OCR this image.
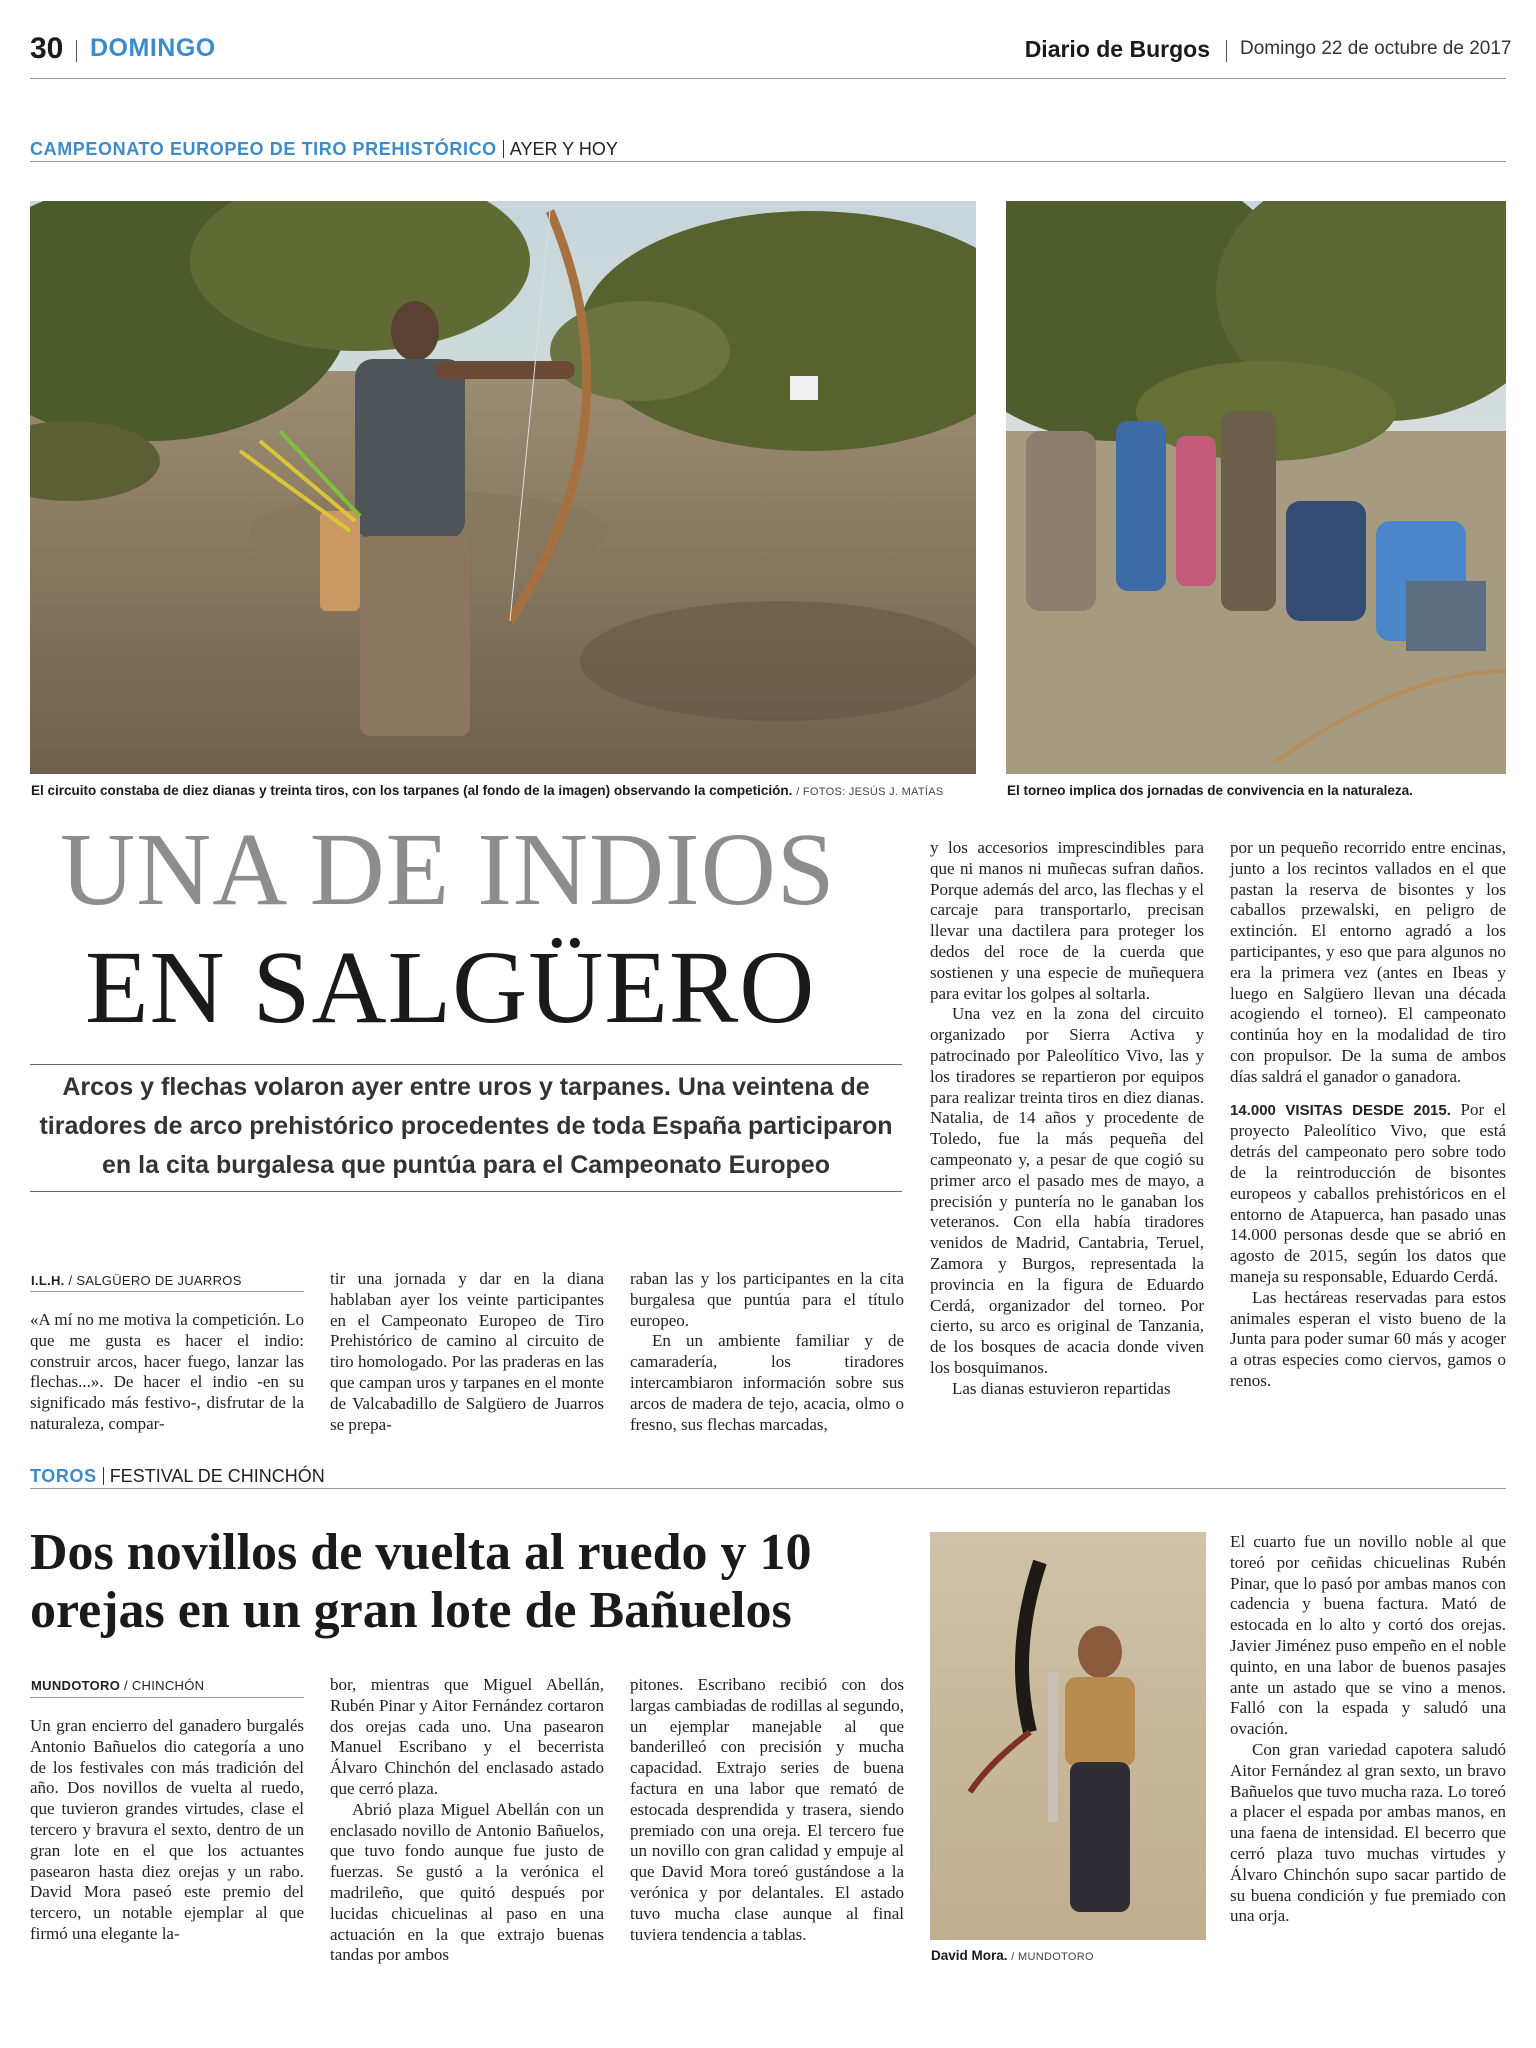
30 DOMINGO	Diario de Burgos Domingo 22 de octubre de 2017
CAMPEONATO EUROPEO DE TIRO PREHISTÓRICO AYER Y HOY
El circuito constaba de diez dianas y treinta tiros, con los tarpanes (al fondo de la imagen) observando la competición. / FOTOS: JESÚS J. MATÍAS	El torneo implica dos jornadas de convivencia en la naturaleza.
UNA DE INDIOS
EN SALGÜERO
Arcos y flechas volaron ayer entre uros y tarpanes. Una veintena de tiradores de arco prehistórico procedentes de toda España participaron en la cita burgalesa que puntúa para el Campeonato Europeo
I.L.H. / SALGÜERO DE JUARROS

«A mí no me motiva la competición. Lo que me gusta es hacer el indio: construir arcos, hacer fuego, lanzar las flechas...». De hacer el indio -en su significado más festivo-, disfrutar de la naturaleza, compar-

tir una jornada y dar en la diana hablaban ayer los veinte participantes en el Campeonato Europeo de Tiro Prehistórico de camino al circuito de tiro homologado. Por las praderas en las que campan uros y tarpanes en el monte de Valcabadillo de Salgüero de Juarros se prepa-

raban las y los participantes en la cita burgalesa que puntúa para el título europeo.

En un ambiente familiar y de camaradería, los tiradores intercambiaron información sobre sus arcos de madera de tejo, acacia, olmo o fresno, sus flechas marcadas,

y los accesorios imprescindibles para que ni manos ni muñecas sufran daños. Porque además del arco, las flechas y el carcaje para transportarlo, precisan llevar una dactilera para proteger los dedos del roce de la cuerda que sostienen y una especie de muñequera para evitar los golpes al soltarla.

Una vez en la zona del circuito organizado por Sierra Activa y patrocinado por Paleolítico Vivo, las y los tiradores se repartieron por equipos para realizar treinta tiros en diez dianas. Natalia, de 14 años y procedente de Toledo, fue la más pequeña del campeonato y, a pesar de que cogió su primer arco el pasado mes de mayo, a precisión y puntería no le ganaban los veteranos. Con ella había tiradores venidos de Madrid, Cantabria, Teruel, Zamora y Burgos, representada la provincia en la figura de Eduardo Cerdá, organizador del torneo. Por cierto, su arco es original de Tanzania, de los bosques de acacia donde viven los bosquimanos.

Las dianas estuvieron repartidas

por un pequeño recorrido entre encinas, junto a los recintos vallados en el que pastan la reserva de bisontes y los caballos przewalski, en peligro de extinción. El entorno agradó a los participantes, y eso que para algunos no era la primera vez (antes en Ibeas y luego en Salgüero llevan una década acogiendo el torneo). El campeonato continúa hoy en la modalidad de tiro con propulsor. De la suma de ambos días saldrá el ganador o ganadora.

14.000 VISITAS DESDE 2015. Por el proyecto Paleolítico Vivo, que está detrás del campeonato pero sobre todo de la reintroducción de bisontes europeos y caballos prehistóricos en el entorno de Atapuerca, han pasado unas 14.000 personas desde que se abrió en agosto de 2015, según los datos que maneja su responsable, Eduardo Cerdá.

Las hectáreas reservadas para estos animales esperan el visto bueno de la Junta para poder sumar 60 más y acoger a otras especies como ciervos, gamos o renos.

TOROS FESTIVAL DE CHINCHÓN
Dos novillos de vuelta al ruedo y 10
orejas en un gran lote de Bañuelos
MUNDOTORO / CHINCHÓN

Un gran encierro del ganadero burgalés Antonio Bañuelos dio categoría a uno de los festivales con más tradición del año. Dos novillos de vuelta al ruedo, que tuvieron grandes virtudes, clase el tercero y bravura el sexto, dentro de un gran lote en el que los actuantes pasearon hasta diez orejas y un rabo. David Mora paseó este premio del tercero, un notable ejemplar al que firmó una elegante la-

bor, mientras que Miguel Abellán, Rubén Pinar y Aitor Fernández cortaron dos orejas cada uno. Una pasearon Manuel Escribano y el becerrista Álvaro Chinchón del enclasado astado que cerró plaza.

Abrió plaza Miguel Abellán con un enclasado novillo de Antonio Bañuelos, que tuvo fondo aunque fue justo de fuerzas. Se gustó a la verónica el madrileño, que quitó después por lucidas chicuelinas al paso en una actuación en la que extrajo buenas tandas por ambos

pitones. Escribano recibió con dos largas cambiadas de rodillas al segundo, un ejemplar manejable al que banderilleó con precisión y mucha capacidad. Extrajo series de buena factura en una labor que remató de estocada desprendida y trasera, siendo premiado con una oreja. El tercero fue un novillo con gran calidad y empuje al que David Mora toreó gustándose a la verónica y por delantales. El astado tuvo mucha clase aunque al final tuviera tendencia a tablas.

David Mora. / MUNDOTORO

El cuarto fue un novillo noble al que toreó por ceñidas chicuelinas Rubén Pinar, que lo pasó por ambas manos con cadencia y buena factura. Mató de estocada en lo alto y cortó dos orejas. Javier Jiménez puso empeño en el noble quinto, en una labor de buenos pasajes ante un astado que se vino a menos. Falló con la espada y saludó una ovación.

Con gran variedad capotera saludó Aitor Fernández al gran sexto, un bravo Bañuelos que tuvo mucha raza. Lo toreó a placer el espada por ambas manos, en una faena de intensidad. El becerro que cerró plaza tuvo muchas virtudes y Álvaro Chinchón supo sacar partido de su buena condición y fue premiado con una orja.
